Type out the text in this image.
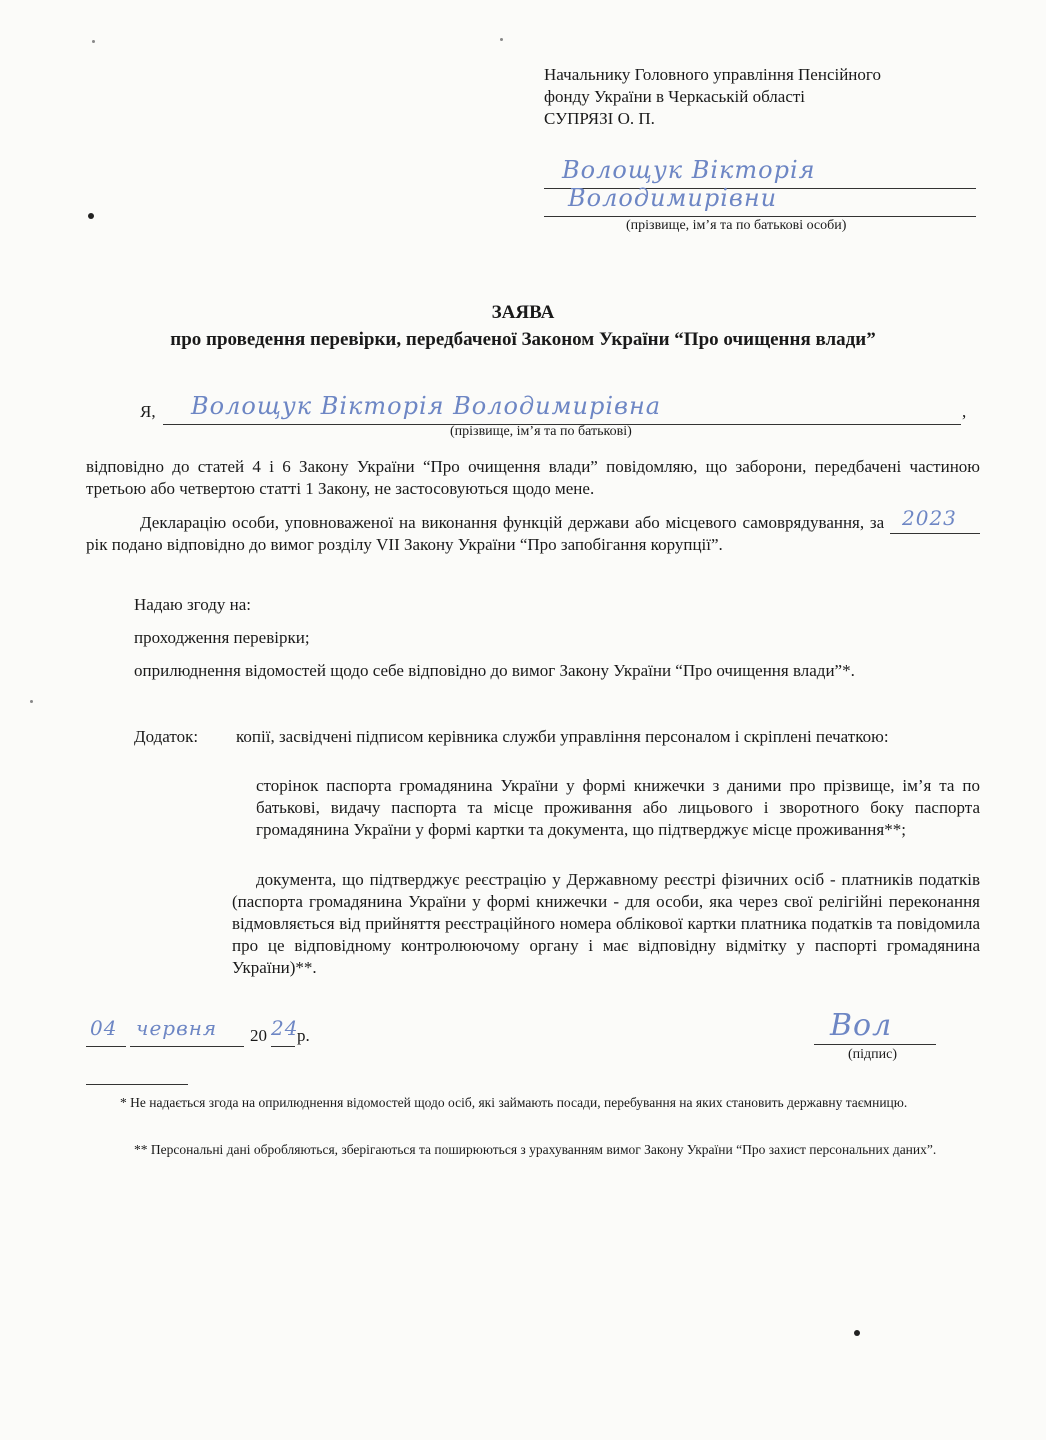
Начальнику Головного управління Пенсійного
фонду України в Черкаській області
СУПРЯЗІ О. П.
Волощук Вікторія
Володимирівни
(прізвище, ім’я та по батькові особи)
ЗАЯВА
про проведення перевірки, передбаченої Законом України “Про очищення влади”
Я, Волощук Вікторія Володимирівна	,
(прізвище, ім’я та по батькові)
відповідно до статей 4 і 6 Закону України “Про очищення влади” повідомляю, що заборони, передбачені частиною третьою або четвертою статті 1 Закону, не застосовуються щодо мене.
Декларацію особи, уповноваженої на виконання функцій держави або місцевого самоврядування, за 2023
рік подано відповідно до вимог розділу VII Закону України “Про запобігання корупції”.
Надаю згоду на:
проходження перевірки;
оприлюднення відомостей щодо себе відповідно до вимог Закону України “Про очищення влади”*.
Додаток: копії, засвідчені підписом керівника служби управління персоналом і скріплені печаткою:
сторінок паспорта громадянина України у формі книжечки з даними про прізвище, ім’я та по батькові, видачу паспорта та місце проживання або лицьового і зворотного боку паспорта громадянина України у формі картки та документа, що підтверджує місце проживання**;
документа, що підтверджує реєстрацію у Державному реєстрі фізичних осіб - платників податків (паспорта громадянина України у формі книжечки - для особи, яка через свої релігійні переконання відмовляється від прийняття реєстраційного номера облікової картки платника податків та повідомила про це відповідному контролюючому органу і має відповідну відмітку у паспорті громадянина України)**.
04 червня 20 24
р.	Вол
(підпис)
* Не надається згода на оприлюднення відомостей щодо осіб, які займають посади, перебування на яких становить державну таємницю.
** Персональні дані обробляються, зберігаються та поширюються з урахуванням вимог Закону України “Про захист персональних даних”.
